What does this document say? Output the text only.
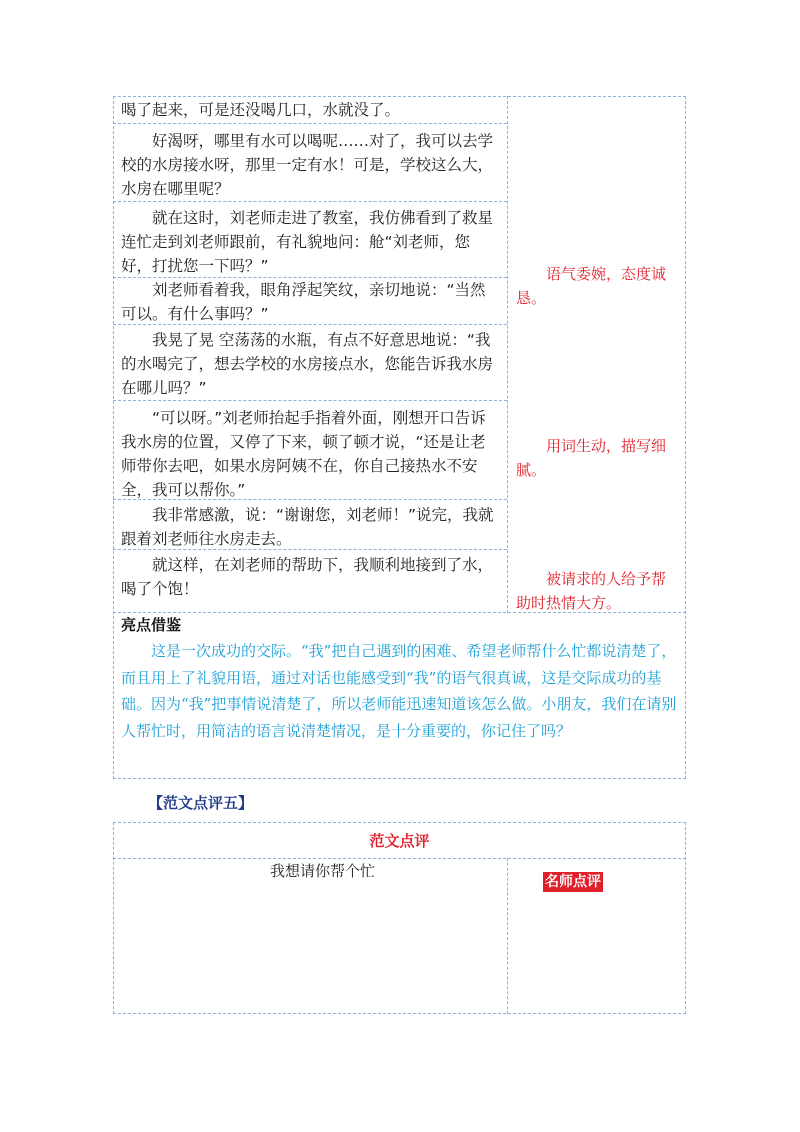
喝了起来，可是还没喝几口，水就没了。
　　好渴呀，哪里有水可以喝呢……对了，我可以去学校的水房接水呀，那里一定有水！可是，学校这么大，水房在哪里呢？
　　就在这时，刘老师走进了教室，我仿佛看到了救星连忙走到刘老师跟前，有礼貌地问：舱“刘老师，您好，打扰您一下吗？”
　　刘老师看着我，眼角浮起笑纹，亲切地说：“当然可以。有什么事吗？”
　　我晃了晃 空荡荡的水瓶，有点不好意思地说：“我的水喝完了，想去学校的水房接点水，您能告诉我水房在哪儿吗？”
　　“可以呀。”刘老师抬起手指着外面，刚想开口告诉我水房的位置，又停了下来，顿了顿才说，“还是让老师带你去吧，如果水房阿姨不在，你自己接热水不安全，我可以帮你。”
　　我非常感激，说：“谢谢您，刘老师！”说完，我就跟着刘老师往水房走去。
　　就这样，在刘老师的帮助下，我顺利地接到了水，喝了个饱！
语气委婉，态度诚恳。
用词生动，描写细腻。
被请求的人给予帮助时热情大方。
亮点借鉴

这是一次成功的交际。“我”把自己遇到的困难、希望老师帮什么忙都说清楚了，而且用上了礼貌用语，通过对话也能感受到“我”的语气很真诚，这是交际成功的基础。因为“我”把事情说清楚了，所以老师能迅速知道该怎么做。小朋友，我们在请别人帮忙时，用简洁的语言说清楚情况，是十分重要的，你记住了吗？

【范文点评五】
范文点评
我想请你帮个忙
名师点评
